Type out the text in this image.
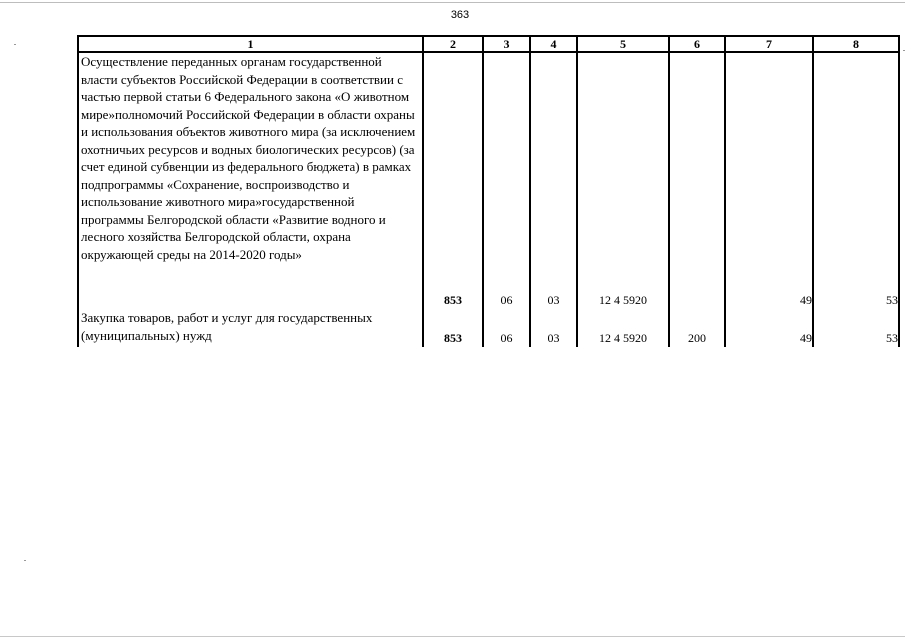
363
1	2	3	4	5	6	7	8
Осуществление переданных органам государственной власти субъектов Российской Федерации в соответствии с частью первой статьи 6 Федерального закона «О животном мире»полномочий Российской Федерации в области охраны и использования объектов животного мира (за исключением охотничьих ресурсов и водных биологических ресурсов) (за счет единой субвенции из федерального бюджета) в рамках подпрограммы «Сохранение, воспроизводство и использование животного мира»государственной программы Белгородской области «Развитие водного и лесного хозяйства Белгородской области, охрана окружающей среды на 2014-2020 годы»	853	06	03	12 4 5920		49	53
Закупка товаров, работ и услуг для государственных (муниципальных) нужд	853	06	03	12 4 5920	200	49	53
